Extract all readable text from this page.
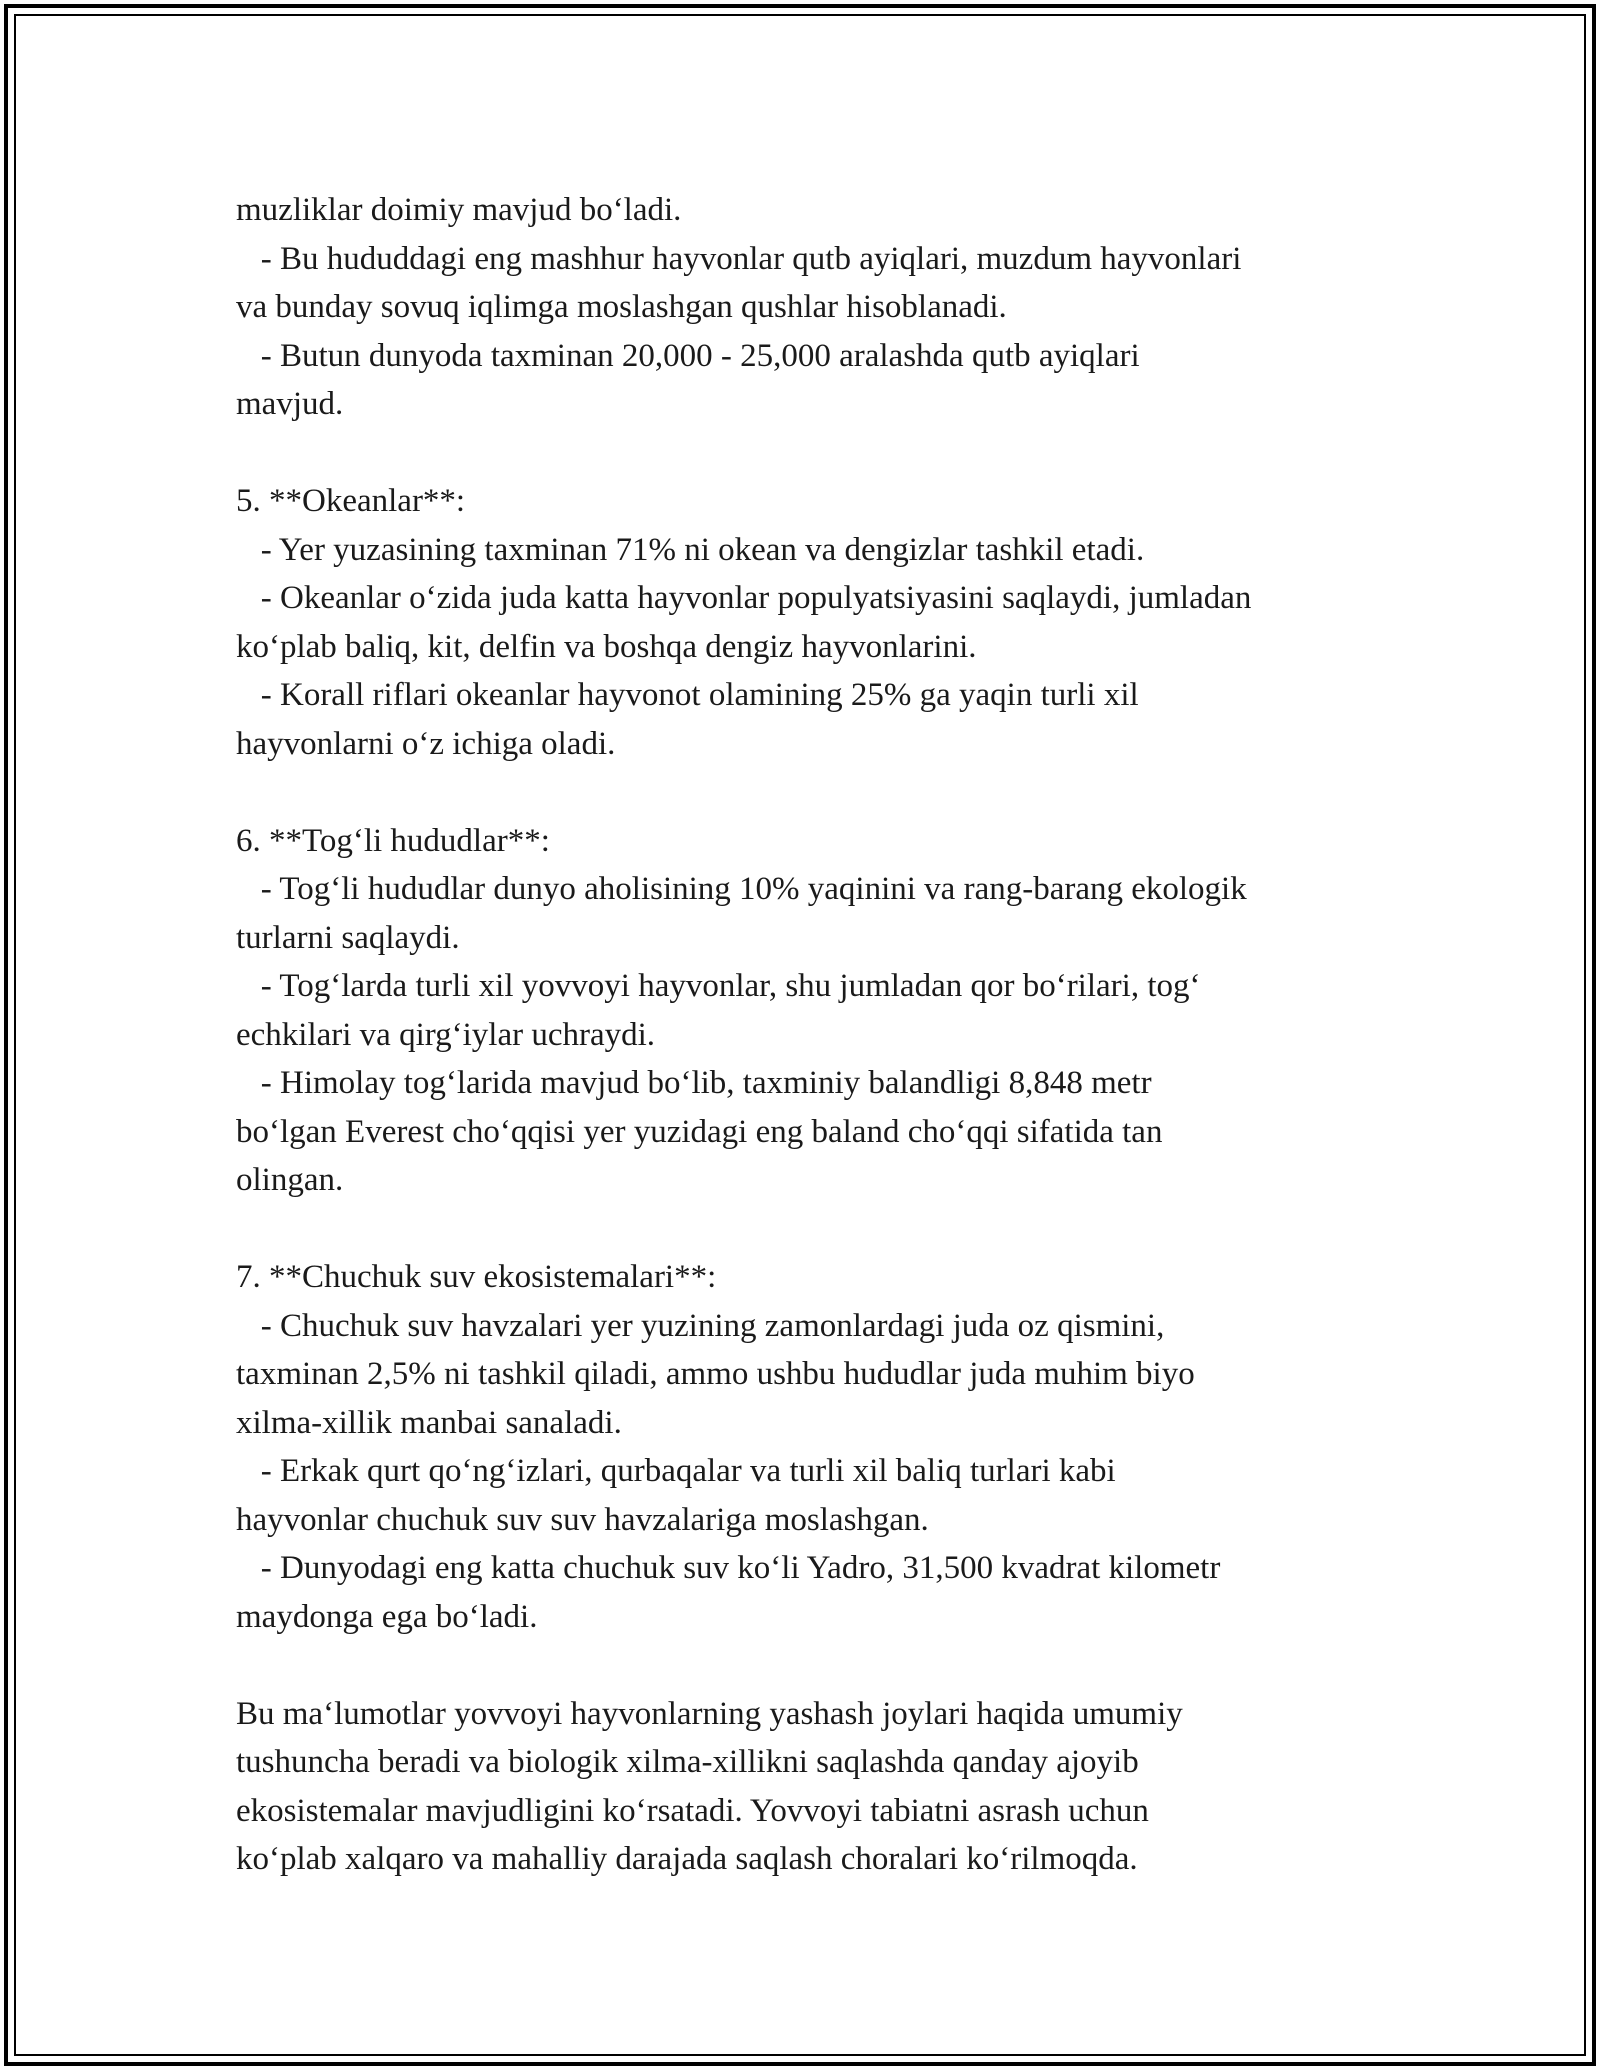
muzliklar doimiy mavjud bo‘ladi.
- Bu hududdagi eng mashhur hayvonlar qutb ayiqlari, muzdum hayvonlari
va bunday sovuq iqlimga moslashgan qushlar hisoblanadi.
- Butun dunyoda taxminan 20,000 - 25,000 aralashda qutb ayiqlari
mavjud.
5. **Okeanlar**:
- Yer yuzasining taxminan 71% ni okean va dengizlar tashkil etadi.
- Okeanlar o‘zida juda katta hayvonlar populyatsiyasini saqlaydi, jumladan
ko‘plab baliq, kit, delfin va boshqa dengiz hayvonlarini.
- Korall riflari okeanlar hayvonot olamining 25% ga yaqin turli xil
hayvonlarni o‘z ichiga oladi.
6. **Tog‘li hududlar**:
- Tog‘li hududlar dunyo aholisining 10% yaqinini va rang-barang ekologik
turlarni saqlaydi.
- Tog‘larda turli xil yovvoyi hayvonlar, shu jumladan qor bo‘rilari, tog‘
echkilari va qirg‘iylar uchraydi.
- Himolay tog‘larida mavjud bo‘lib, taxminiy balandligi 8,848 metr
bo‘lgan Everest cho‘qqisi yer yuzidagi eng baland cho‘qqi sifatida tan
olingan.
7. **Chuchuk suv ekosistemalari**:
- Chuchuk suv havzalari yer yuzining zamonlardagi juda oz qismini,
taxminan 2,5% ni tashkil qiladi, ammo ushbu hududlar juda muhim biyo
xilma-xillik manbai sanaladi.
- Erkak qurt qo‘ng‘izlari, qurbaqalar va turli xil baliq turlari kabi
hayvonlar chuchuk suv suv havzalariga moslashgan.
- Dunyodagi eng katta chuchuk suv ko‘li Yadro, 31,500 kvadrat kilometr
maydonga ega bo‘ladi.
Bu ma‘lumotlar yovvoyi hayvonlarning yashash joylari haqida umumiy
tushuncha beradi va biologik xilma-xillikni saqlashda qanday ajoyib
ekosistemalar mavjudligini ko‘rsatadi. Yovvoyi tabiatni asrash uchun
ko‘plab xalqaro va mahalliy darajada saqlash choralari ko‘rilmoqda.
